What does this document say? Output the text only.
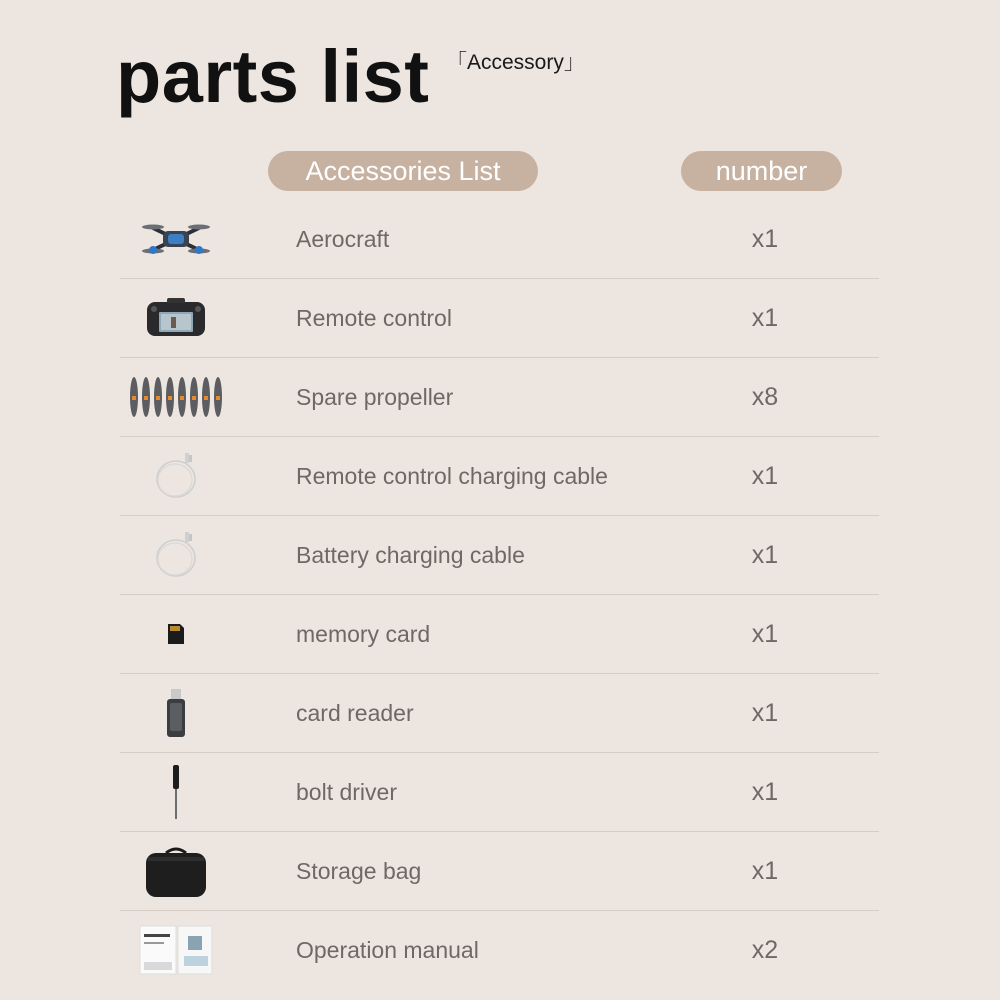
parts list 「Accessory」
Accessories List	number
Aerocraft	x1
Remote control	x1
Spare propeller	x8
Remote control charging cable	x1
Battery charging cable	x1
memory card	x1
card reader	x1
bolt driver	x1
Storage bag	x1
Operation manual	x2
